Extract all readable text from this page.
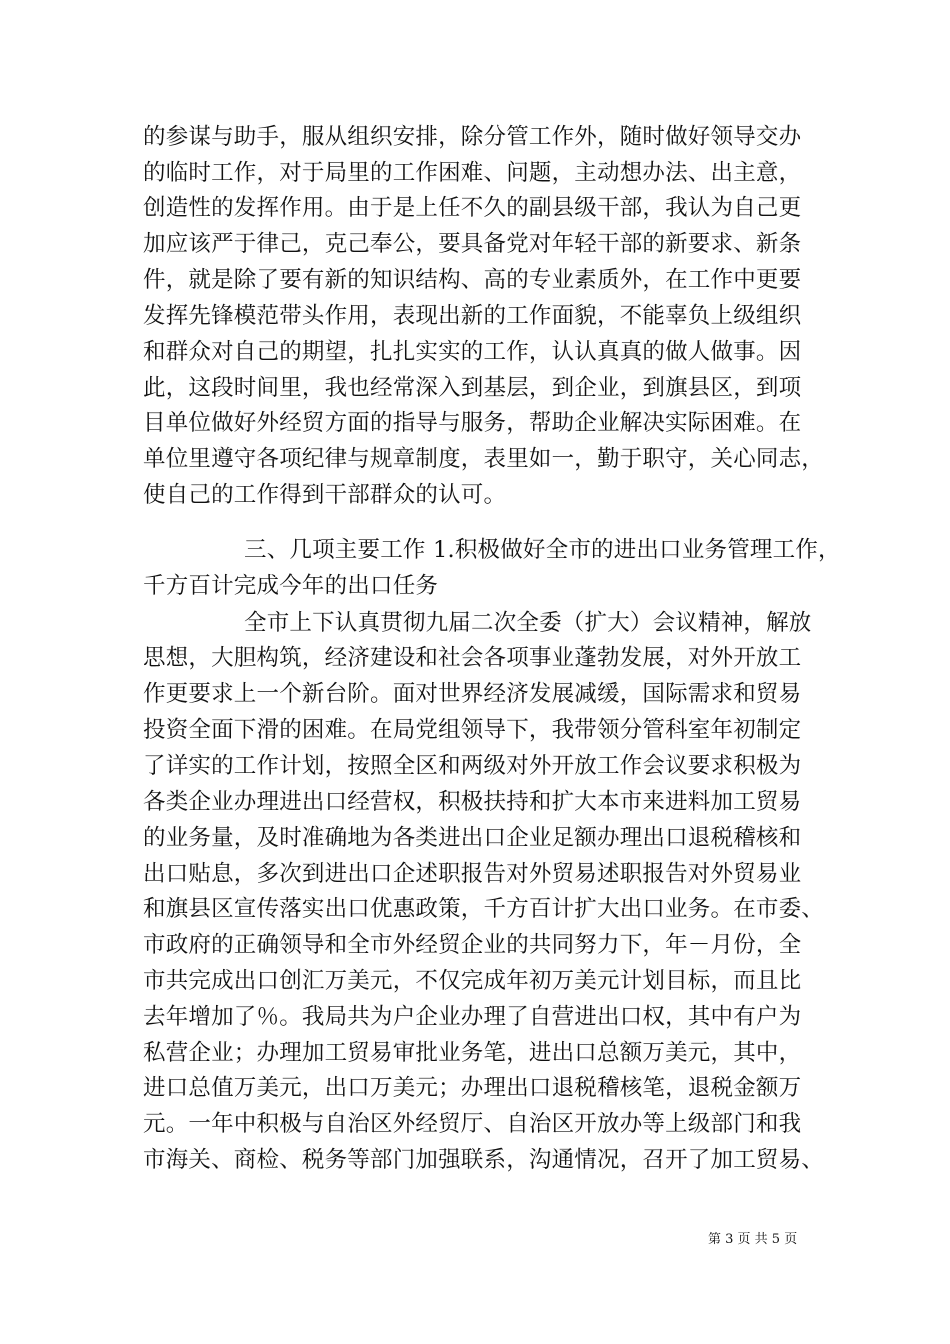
的参谋与助手，服从组织安排，除分管工作外，随时做好领导交办
的临时工作，对于局里的工作困难、问题，主动想办法、出主意，
创造性的发挥作用。由于是上任不久的副县级干部，我认为自己更
加应该严于律己，克己奉公，要具备党对年轻干部的新要求、新条
件，就是除了要有新的知识结构、高的专业素质外，在工作中更要
发挥先锋模范带头作用，表现出新的工作面貌，不能辜负上级组织
和群众对自己的期望，扎扎实实的工作，认认真真的做人做事。因
此，这段时间里，我也经常深入到基层，到企业，到旗县区，到项
目单位做好外经贸方面的指导与服务，帮助企业解决实际困难。在
单位里遵守各项纪律与规章制度，表里如一，勤于职守，关心同志，
使自己的工作得到干部群众的认可。
三、几项主要工作 1.积极做好全市的进出口业务管理工作，
千方百计完成今年的出口任务
全市上下认真贯彻九届二次全委（扩大）会议精神，解放
思想，大胆构筑，经济建设和社会各项事业蓬勃发展，对外开放工
作更要求上一个新台阶。面对世界经济发展减缓，国际需求和贸易
投资全面下滑的困难。在局党组领导下，我带领分管科室年初制定
了详实的工作计划，按照全区和两级对外开放工作会议要求积极为
各类企业办理进出口经营权，积极扶持和扩大本市来进料加工贸易
的业务量，及时准确地为各类进出口企业足额办理出口退税稽核和
出口贴息，多次到进出口企述职报告对外贸易述职报告对外贸易业
和旗县区宣传落实出口优惠政策，千方百计扩大出口业务。在市委、
市政府的正确领导和全市外经贸企业的共同努力下，年－月份，全
市共完成出口创汇万美元，不仅完成年初万美元计划目标，而且比
去年增加了％。我局共为户企业办理了自营进出口权，其中有户为
私营企业；办理加工贸易审批业务笔，进出口总额万美元，其中，
进口总值万美元，出口万美元；办理出口退税稽核笔，退税金额万
元。一年中积极与自治区外经贸厅、自治区开放办等上级部门和我
市海关、商检、税务等部门加强联系，沟通情况，召开了加工贸易、
第 3 页 共 5 页
